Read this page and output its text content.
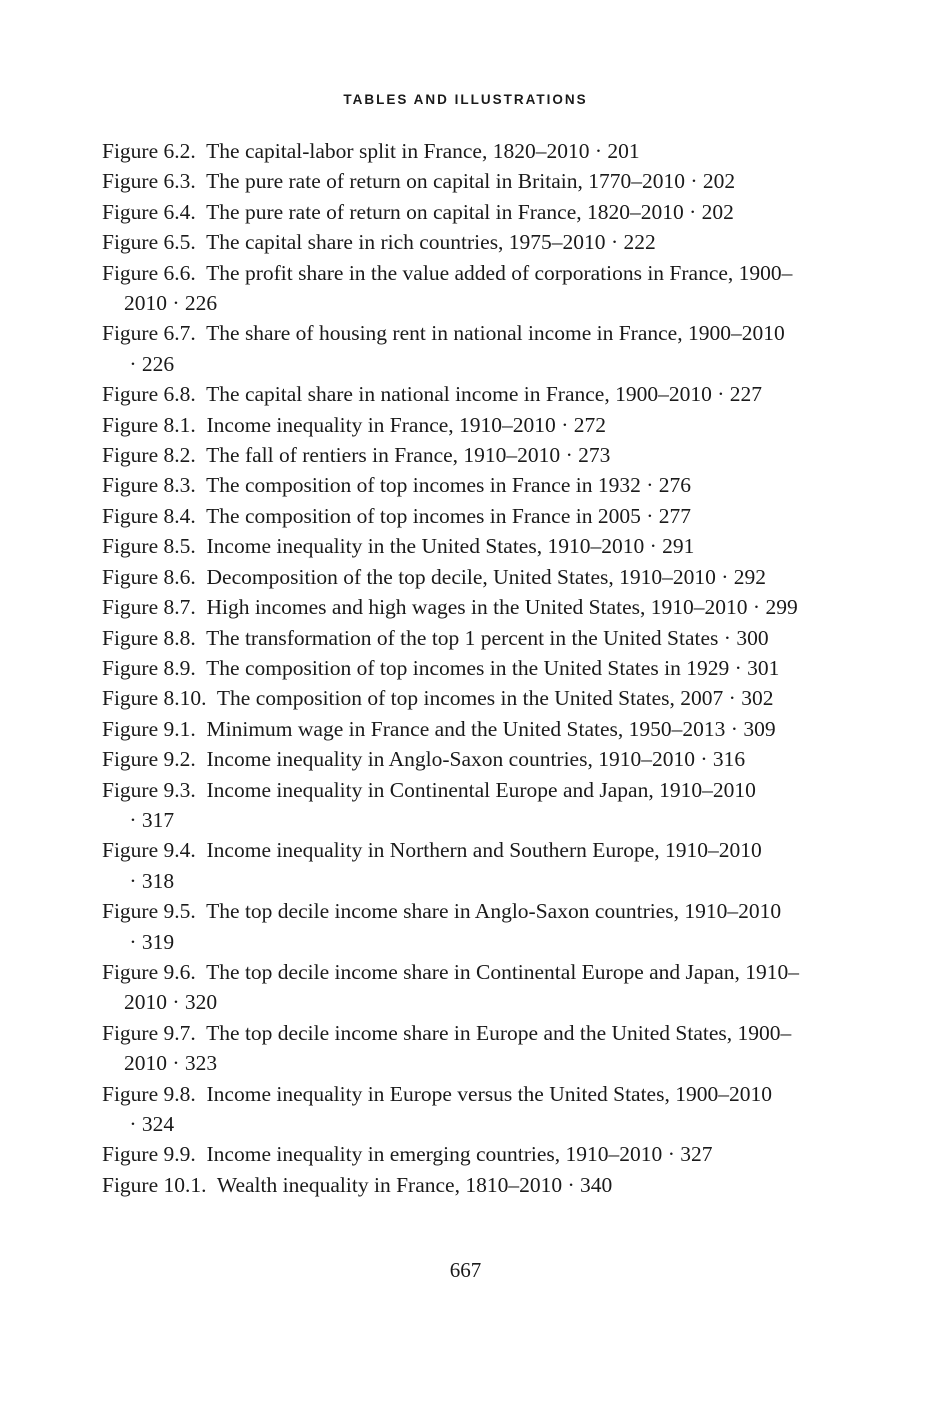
TABLES AND ILLUSTRATIONS
Figure 6.2. The capital-labor split in France, 1820–2010 · 201
Figure 6.3. The pure rate of return on capital in Britain, 1770–2010 · 202
Figure 6.4. The pure rate of return on capital in France, 1820–2010 · 202
Figure 6.5. The capital share in rich countries, 1975–2010 · 222
Figure 6.6. The profit share in the value added of corporations in France, 1900–2010 · 226
Figure 6.7. The share of housing rent in national income in France, 1900–2010 · 226
Figure 6.8. The capital share in national income in France, 1900–2010 · 227
Figure 8.1. Income inequality in France, 1910–2010 · 272
Figure 8.2. The fall of rentiers in France, 1910–2010 · 273
Figure 8.3. The composition of top incomes in France in 1932 · 276
Figure 8.4. The composition of top incomes in France in 2005 · 277
Figure 8.5. Income inequality in the United States, 1910–2010 · 291
Figure 8.6. Decomposition of the top decile, United States, 1910–2010 · 292
Figure 8.7. High incomes and high wages in the United States, 1910–2010 · 299
Figure 8.8. The transformation of the top 1 percent in the United States · 300
Figure 8.9. The composition of top incomes in the United States in 1929 · 301
Figure 8.10. The composition of top incomes in the United States, 2007 · 302
Figure 9.1. Minimum wage in France and the United States, 1950–2013 · 309
Figure 9.2. Income inequality in Anglo-Saxon countries, 1910–2010 · 316
Figure 9.3. Income inequality in Continental Europe and Japan, 1910–2010 · 317
Figure 9.4. Income inequality in Northern and Southern Europe, 1910–2010 · 318
Figure 9.5. The top decile income share in Anglo-Saxon countries, 1910–2010 · 319
Figure 9.6. The top decile income share in Continental Europe and Japan, 1910–2010 · 320
Figure 9.7. The top decile income share in Europe and the United States, 1900–2010 · 323
Figure 9.8. Income inequality in Europe versus the United States, 1900–2010 · 324
Figure 9.9. Income inequality in emerging countries, 1910–2010 · 327
Figure 10.1. Wealth inequality in France, 1810–2010 · 340
667
